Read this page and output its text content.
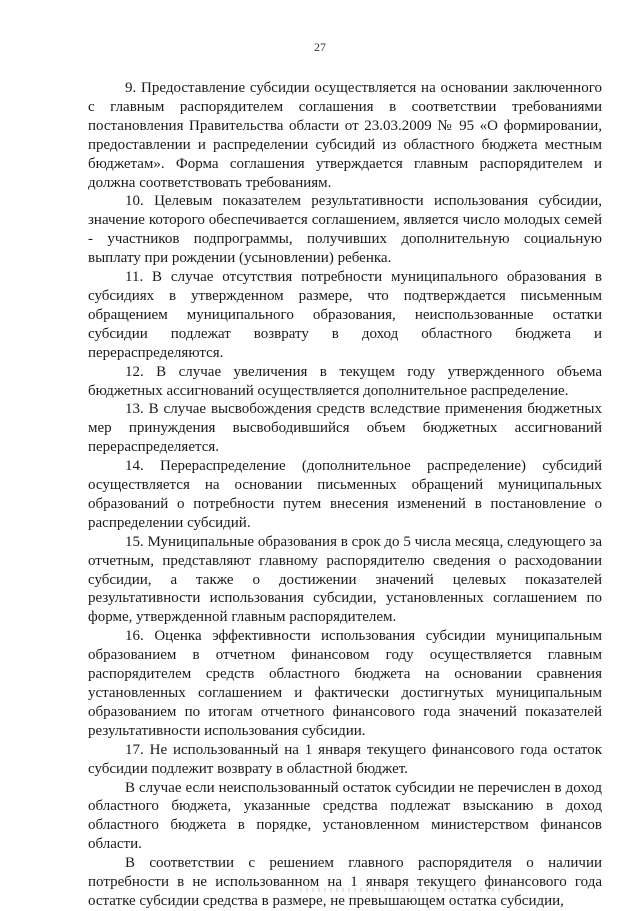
27

9. Предоставление субсидии осуществляется на основании заключенного с главным распорядителем соглашения в соответствии требованиями постановления Правительства области от 23.03.2009 № 95 «О формировании, предоставлении и распределении субсидий из областного бюджета местным бюджетам». Форма соглашения утверждается главным распорядителем и должна соответствовать требованиям.

10. Целевым показателем результативности использования субсидии, значение которого обеспечивается соглашением, является число молодых семей - участников подпрограммы, получивших дополнительную социальную выплату при рождении (усыновлении) ребенка.

11. В случае отсутствия потребности муниципального образования в субсидиях в утвержденном размере, что подтверждается письменным обращением муниципального образования, неиспользованные остатки субсидии подлежат возврату в доход областного бюджета и перераспределяются.

12. В случае увеличения в текущем году утвержденного объема бюджетных ассигнований осуществляется дополнительное распределение.

13. В случае высвобождения средств вследствие применения бюджетных мер принуждения высвободившийся объем бюджетных ассигнований перераспределяется.

14. Перераспределение (дополнительное распределение) субсидий осуществляется на основании письменных обращений муниципальных образований о потребности путем внесения изменений в постановление о распределении субсидий.

15. Муниципальные образования в срок до 5 числа месяца, следующего за отчетным, представляют главному распорядителю сведения о расходовании субсидии, а также о достижении значений целевых показателей результативности использования субсидии, установленных соглашением по форме, утвержденной главным распорядителем.

16. Оценка эффективности использования субсидии муниципальным образованием в отчетном финансовом году осуществляется главным распорядителем средств областного бюджета на основании сравнения установленных соглашением и фактически достигнутых муниципальным образованием по итогам отчетного финансового года значений показателей результативности использования субсидии.

17. Не использованный на 1 января текущего финансового года остаток субсидии подлежит возврату в областной бюджет.

В случае если неиспользованный остаток субсидии не перечислен в доход областного бюджета, указанные средства подлежат взысканию в доход областного бюджета в порядке, установленном министерством финансов области.

В соответствии с решением главного распорядителя о наличии потребности в не использованном на 1 января текущего финансового года остатке субсидии средства в размере, не превышающем остатка субсидии,
